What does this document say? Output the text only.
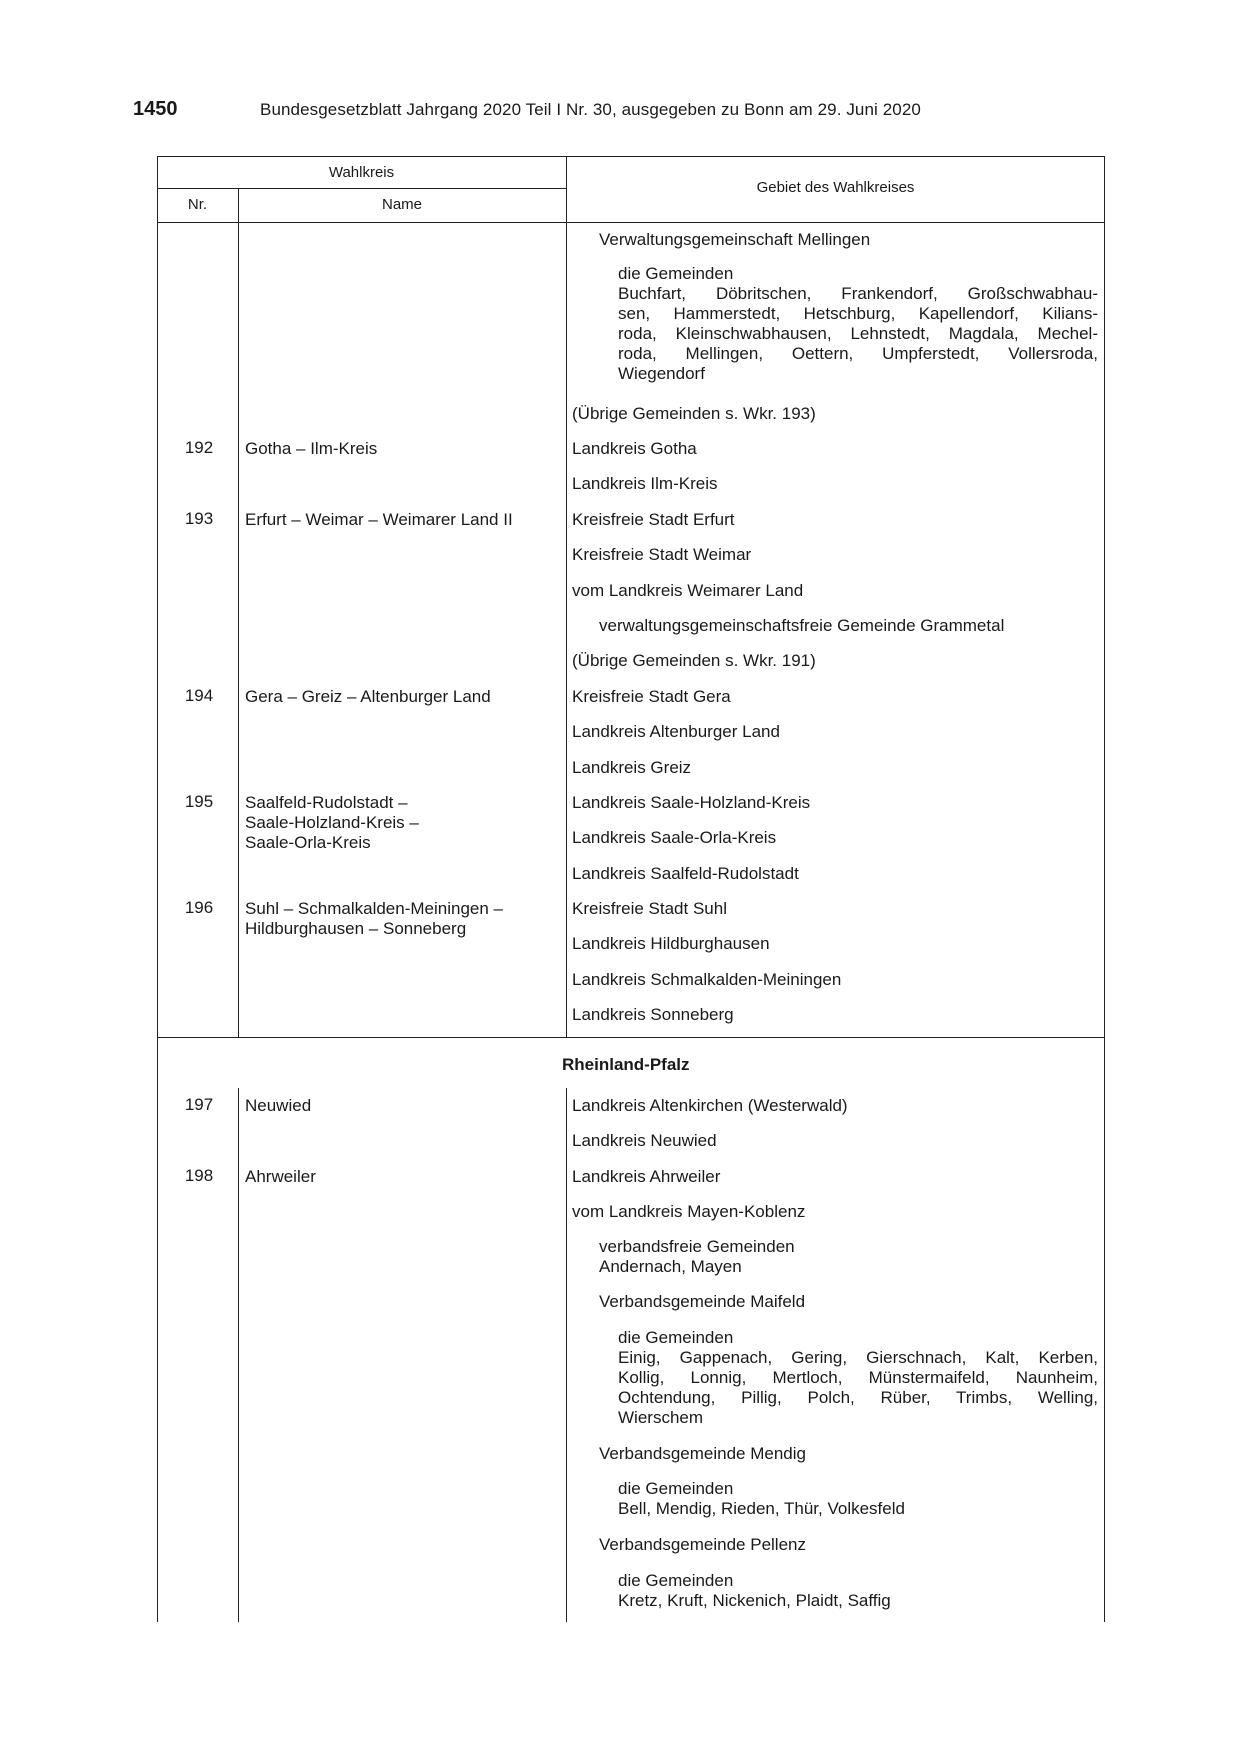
1450	Bundesgesetzblatt Jahrgang 2020 Teil I Nr. 30, ausgegeben zu Bonn am 29. Juni 2020
Wahlkreis
Nr.	Name
Gebiet des Wahlkreises
Verwaltungsgemeinschaft Mellingen
die Gemeinden
Buchfart, Döbritschen, Frankendorf, Großschwabhau-
sen, Hammerstedt, Hetschburg, Kapellendorf, Kilians-
roda, Kleinschwabhausen, Lehnstedt, Magdala, Mechel-
roda, Mellingen, Oettern, Umpferstedt, Vollersroda,
Wiegendorf
(Übrige Gemeinden s. Wkr. 193)
192	Gotha – Ilm-Kreis	Landkreis Gotha
Landkreis Ilm-Kreis
193	Erfurt – Weimar – Weimarer Land II	Kreisfreie Stadt Erfurt
Kreisfreie Stadt Weimar
vom Landkreis Weimarer Land
verwaltungsgemeinschaftsfreie Gemeinde Grammetal
(Übrige Gemeinden s. Wkr. 191)
194	Gera – Greiz – Altenburger Land	Kreisfreie Stadt Gera
Landkreis Altenburger Land
Landkreis Greiz
195	Saalfeld-Rudolstadt –
Saale-Holzland-Kreis –
Saale-Orla-Kreis
Landkreis Saale-Holzland-Kreis
Landkreis Saale-Orla-Kreis
Landkreis Saalfeld-Rudolstadt
196	Suhl – Schmalkalden-Meiningen –
Hildburghausen – Sonneberg
Kreisfreie Stadt Suhl
Landkreis Hildburghausen
Landkreis Schmalkalden-Meiningen
Landkreis Sonneberg
Rheinland-Pfalz
197	Neuwied	Landkreis Altenkirchen (Westerwald)
Landkreis Neuwied
198	Ahrweiler	Landkreis Ahrweiler
vom Landkreis Mayen-Koblenz
verbandsfreie Gemeinden
Andernach, Mayen
Verbandsgemeinde Maifeld
die Gemeinden
Einig, Gappenach, Gering, Gierschnach, Kalt, Kerben,
Kollig, Lonnig, Mertloch, Münstermaifeld, Naunheim,
Ochtendung, Pillig, Polch, Rüber, Trimbs, Welling,
Wierschem
Verbandsgemeinde Mendig
die Gemeinden
Bell, Mendig, Rieden, Thür, Volkesfeld
Verbandsgemeinde Pellenz
die Gemeinden
Kretz, Kruft, Nickenich, Plaidt, Saffig
